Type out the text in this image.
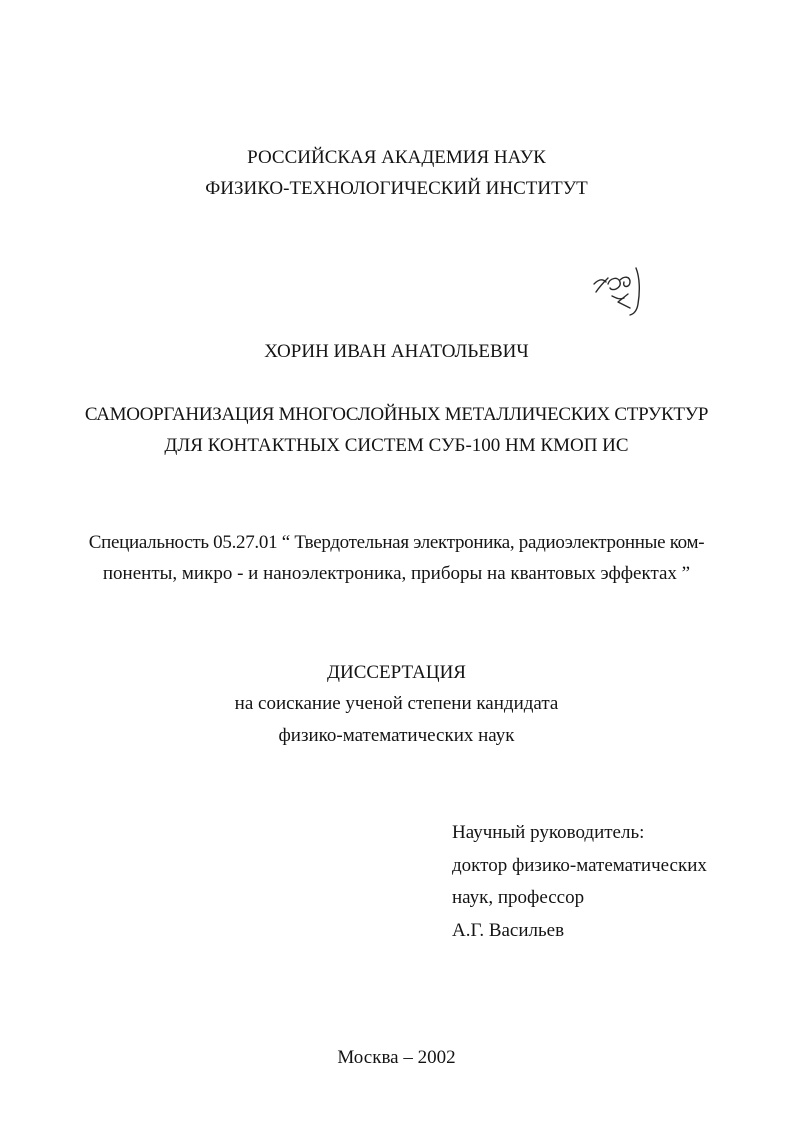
РОССИЙСКАЯ АКАДЕМИЯ НАУК
ФИЗИКО-ТЕХНОЛОГИЧЕСКИЙ ИНСТИТУТ
ХОРИН ИВАН АНАТОЛЬЕВИЧ
САМООРГАНИЗАЦИЯ МНОГОСЛОЙНЫХ МЕТАЛЛИЧЕСКИХ СТРУКТУР
ДЛЯ КОНТАКТНЫХ СИСТЕМ СУБ-100 НМ КМОП ИС
Специальность 05.27.01 “ Твердотельная электроника, радиоэлектронные ком-
поненты, микро - и наноэлектроника, приборы на квантовых эффектах ”
ДИССЕРТАЦИЯ
на соискание ученой степени кандидата
физико-математических наук
Научный руководитель:
доктор физико-математических
наук, профессор
А.Г. Васильев
Москва – 2002
